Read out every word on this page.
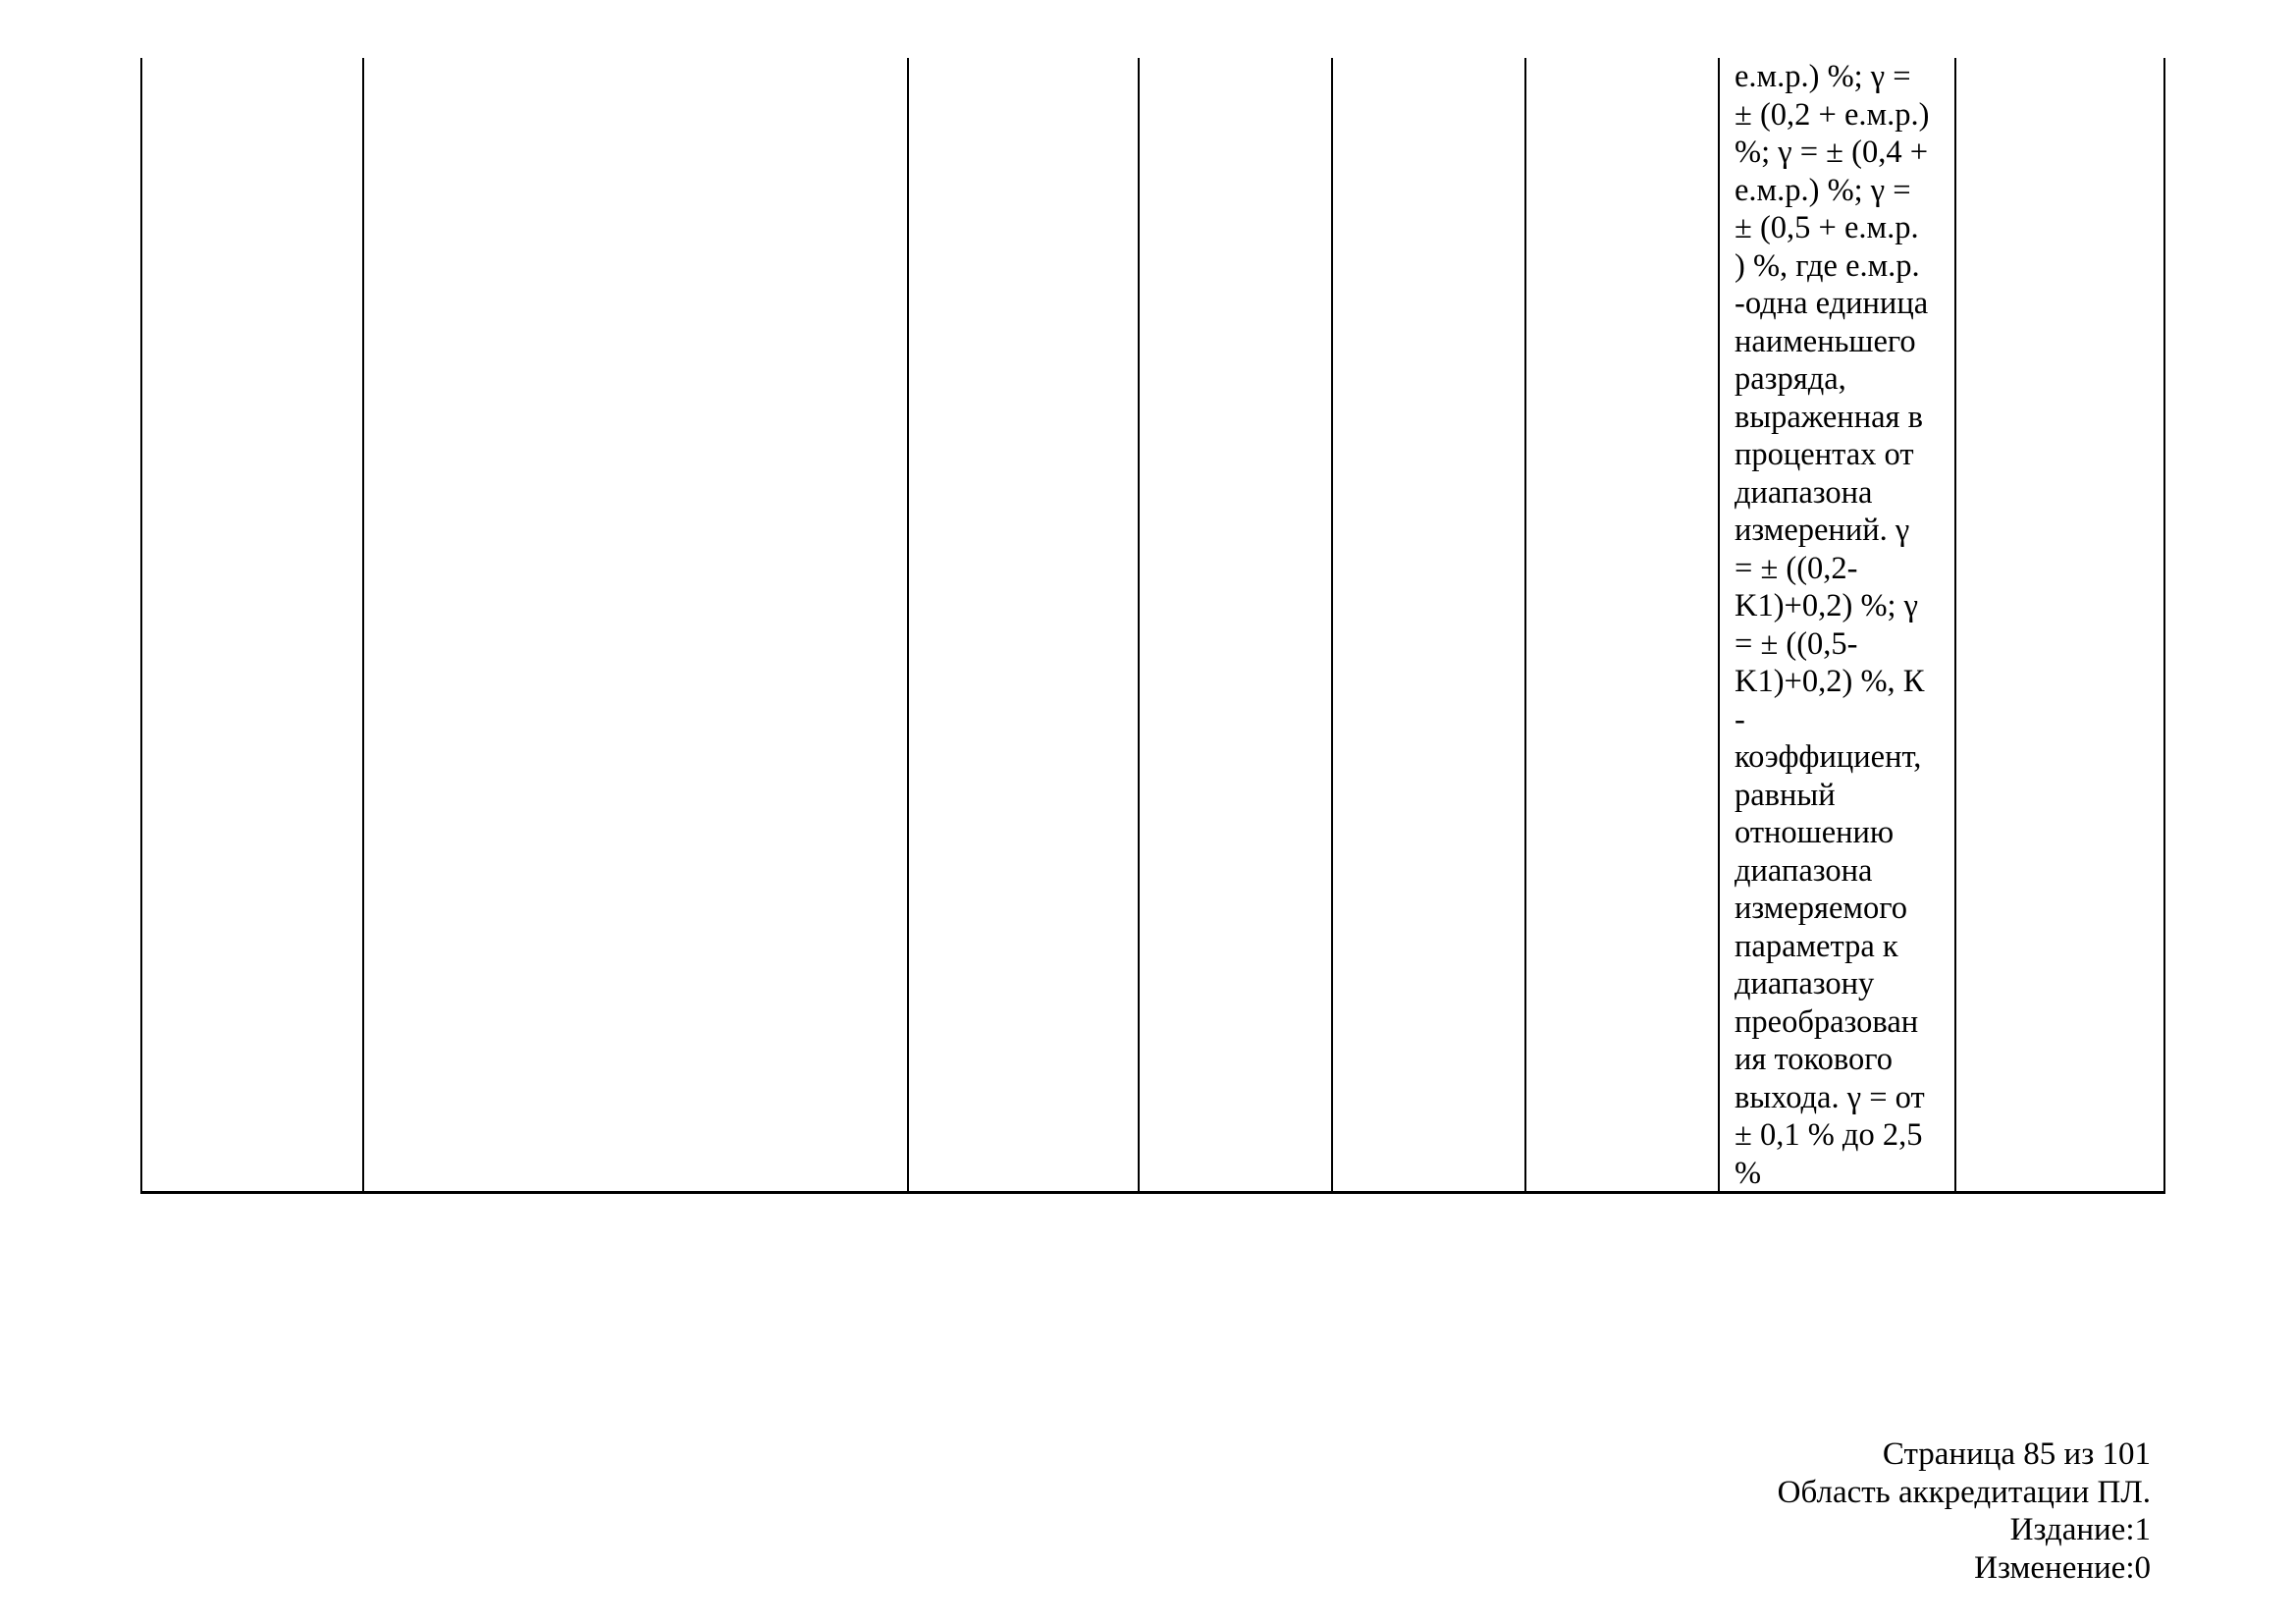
е.м.р.) %; γ =
± (0,2 + е.м.р.)
%; γ = ± (0,4 +
е.м.р.) %; γ =
± (0,5 + е.м.р.
) %, где е.м.р.
-одна единица
наименьшего
разряда,
выраженная в
процентах от
диапазона
измерений. γ
= ± ((0,2-
K1)+0,2) %; γ
= ± ((0,5-
K1)+0,2) %, К
-
коэффициент,
равный
отношению
диапазона
измеряемого
параметра к
диапазону
преобразован
ия токового
выхода. γ = от
± 0,1 % до 2,5
%

Страница 85 из 101
Область аккредитации ПЛ.
Издание:1
Изменение:0
